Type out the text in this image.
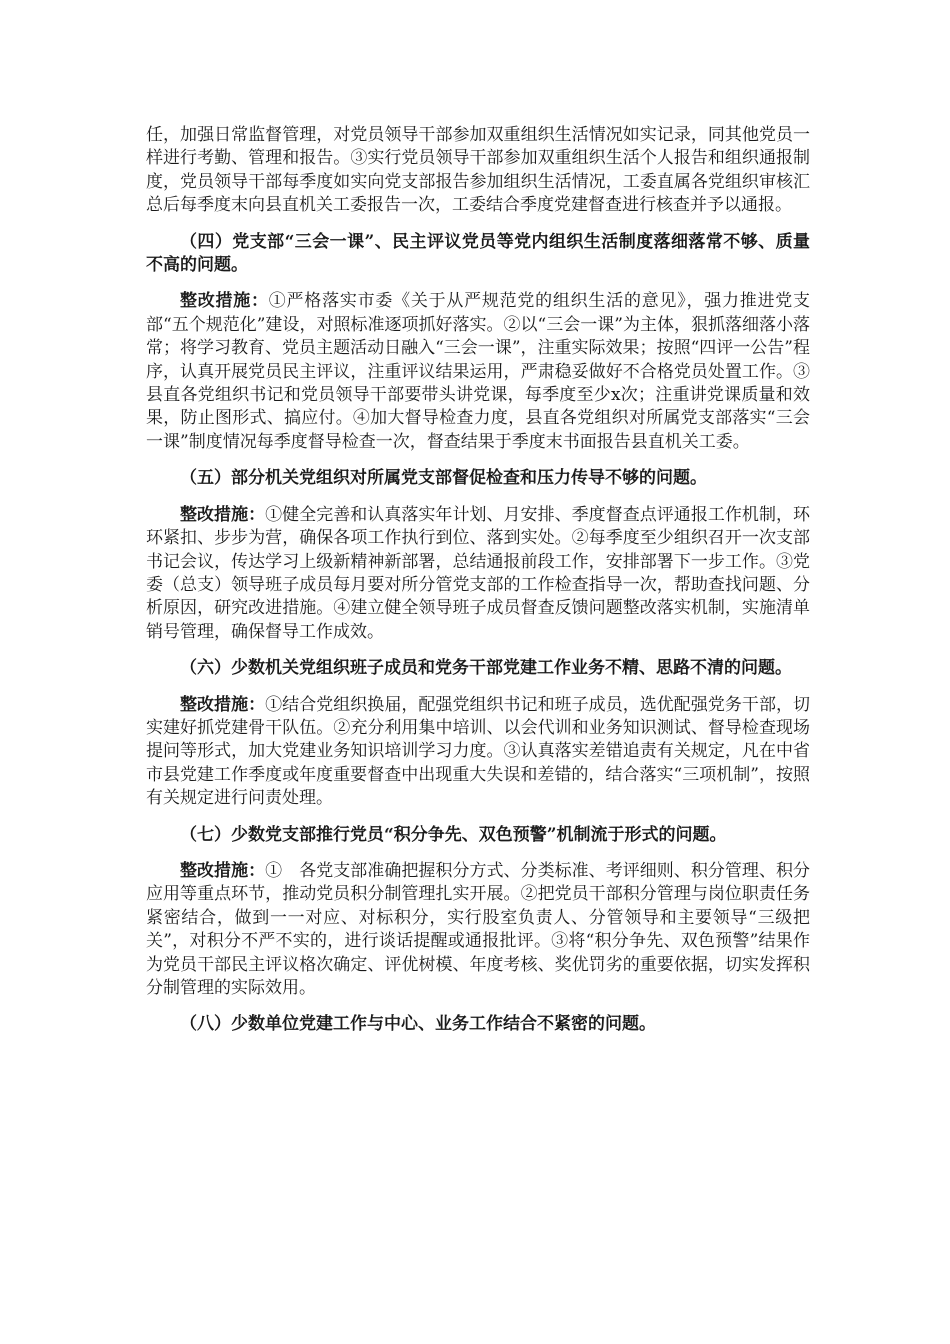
任，加强日常监督管理，对党员领导干部参加双重组织生活情况如实记录，同其他党员一样进行考勤、管理和报告。③实行党员领导干部参加双重组织生活个人报告和组织通报制度，党员领导干部每季度如实向党支部报告参加组织生活情况，工委直属各党组织审核汇总后每季度末向县直机关工委报告一次，工委结合季度党建督查进行核查并予以通报。

（四）党支部“三会一课”、民主评议党员等党内组织生活制度落细落常不够、质量不高的问题。

整改措施：①严格落实市委《关于从严规范党的组织生活的意见》，强力推进党支部“五个规范化”建设，对照标准逐项抓好落实。②以“三会一课”为主体，狠抓落细落小落常；将学习教育、党员主题活动日融入“三会一课”，注重实际效果；按照“四评一公告”程序，认真开展党员民主评议，注重评议结果运用，严肃稳妥做好不合格党员处置工作。③县直各党组织书记和党员领导干部要带头讲党课，每季度至少x次；注重讲党课质量和效果，防止图形式、搞应付。④加大督导检查力度，县直各党组织对所属党支部落实“三会一课”制度情况每季度督导检查一次，督查结果于季度末书面报告县直机关工委。

（五）部分机关党组织对所属党支部督促检查和压力传导不够的问题。

整改措施：①健全完善和认真落实年计划、月安排、季度督查点评通报工作机制，环环紧扣、步步为营，确保各项工作执行到位、落到实处。②每季度至少组织召开一次支部书记会议，传达学习上级新精神新部署，总结通报前段工作，安排部署下一步工作。③党委（总支）领导班子成员每月要对所分管党支部的工作检查指导一次，帮助查找问题、分析原因，研究改进措施。④建立健全领导班子成员督查反馈问题整改落实机制，实施清单销号管理，确保督导工作成效。

（六）少数机关党组织班子成员和党务干部党建工作业务不精、思路不清的问题。

整改措施：①结合党组织换届，配强党组织书记和班子成员，选优配强党务干部，切实建好抓党建骨干队伍。②充分利用集中培训、以会代训和业务知识测试、督导检查现场提问等形式，加大党建业务知识培训学习力度。③认真落实差错追责有关规定，凡在中省市县党建工作季度或年度重要督查中出现重大失误和差错的，结合落实“三项机制”，按照有关规定进行问责处理。

（七）少数党支部推行党员“积分争先、双色预警”机制流于形式的问题。

整改措施：①　各党支部准确把握积分方式、分类标准、考评细则、积分管理、积分应用等重点环节，推动党员积分制管理扎实开展。②把党员干部积分管理与岗位职责任务紧密结合，做到一一对应、对标积分，实行股室负责人、分管领导和主要领导“三级把关”，对积分不严不实的，进行谈话提醒或通报批评。③将“积分争先、双色预警”结果作为党员干部民主评议格次确定、评优树模、年度考核、奖优罚劣的重要依据，切实发挥积分制管理的实际效用。

（八）少数单位党建工作与中心、业务工作结合不紧密的问题。
